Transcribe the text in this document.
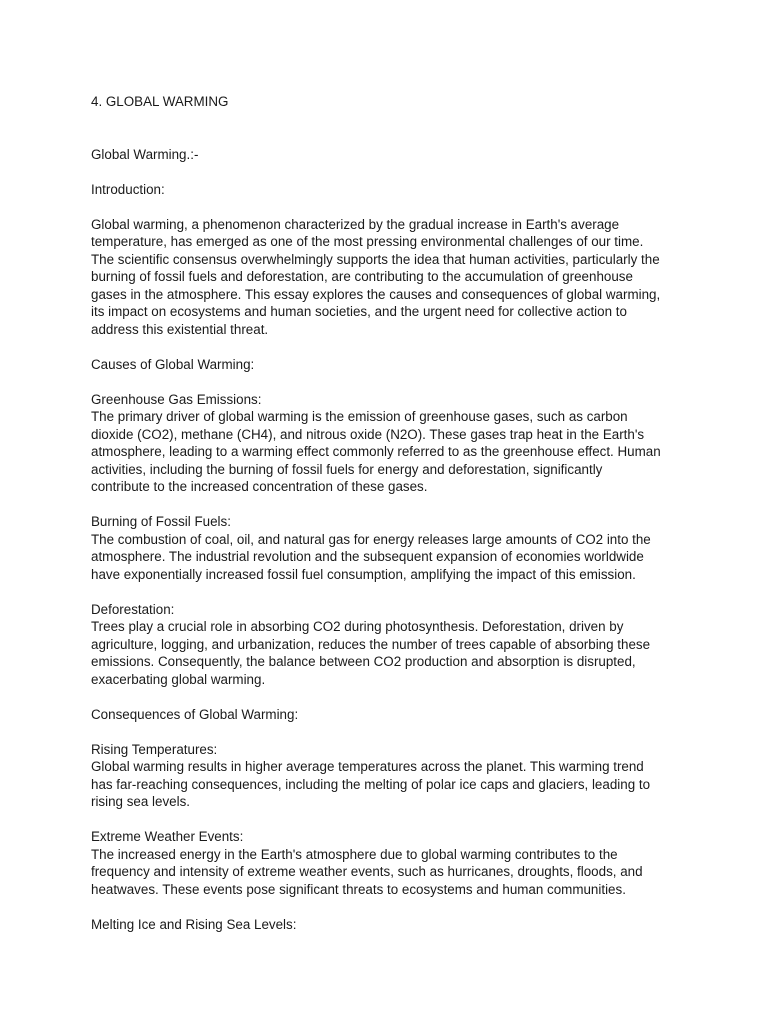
4. GLOBAL WARMING

Global Warming.:-

Introduction:

Global warming, a phenomenon characterized by the gradual increase in Earth's average
temperature, has emerged as one of the most pressing environmental challenges of our time.
The scientific consensus overwhelmingly supports the idea that human activities, particularly the
burning of fossil fuels and deforestation, are contributing to the accumulation of greenhouse
gases in the atmosphere. This essay explores the causes and consequences of global warming,
its impact on ecosystems and human societies, and the urgent need for collective action to
address this existential threat.

Causes of Global Warming:

Greenhouse Gas Emissions:
The primary driver of global warming is the emission of greenhouse gases, such as carbon
dioxide (CO2), methane (CH4), and nitrous oxide (N2O). These gases trap heat in the Earth's
atmosphere, leading to a warming effect commonly referred to as the greenhouse effect. Human
activities, including the burning of fossil fuels for energy and deforestation, significantly
contribute to the increased concentration of these gases.

Burning of Fossil Fuels:
The combustion of coal, oil, and natural gas for energy releases large amounts of CO2 into the
atmosphere. The industrial revolution and the subsequent expansion of economies worldwide
have exponentially increased fossil fuel consumption, amplifying the impact of this emission.

Deforestation:
Trees play a crucial role in absorbing CO2 during photosynthesis. Deforestation, driven by
agriculture, logging, and urbanization, reduces the number of trees capable of absorbing these
emissions. Consequently, the balance between CO2 production and absorption is disrupted,
exacerbating global warming.

Consequences of Global Warming:

Rising Temperatures:
Global warming results in higher average temperatures across the planet. This warming trend
has far-reaching consequences, including the melting of polar ice caps and glaciers, leading to
rising sea levels.

Extreme Weather Events:
The increased energy in the Earth's atmosphere due to global warming contributes to the
frequency and intensity of extreme weather events, such as hurricanes, droughts, floods, and
heatwaves. These events pose significant threats to ecosystems and human communities.

Melting Ice and Rising Sea Levels:
